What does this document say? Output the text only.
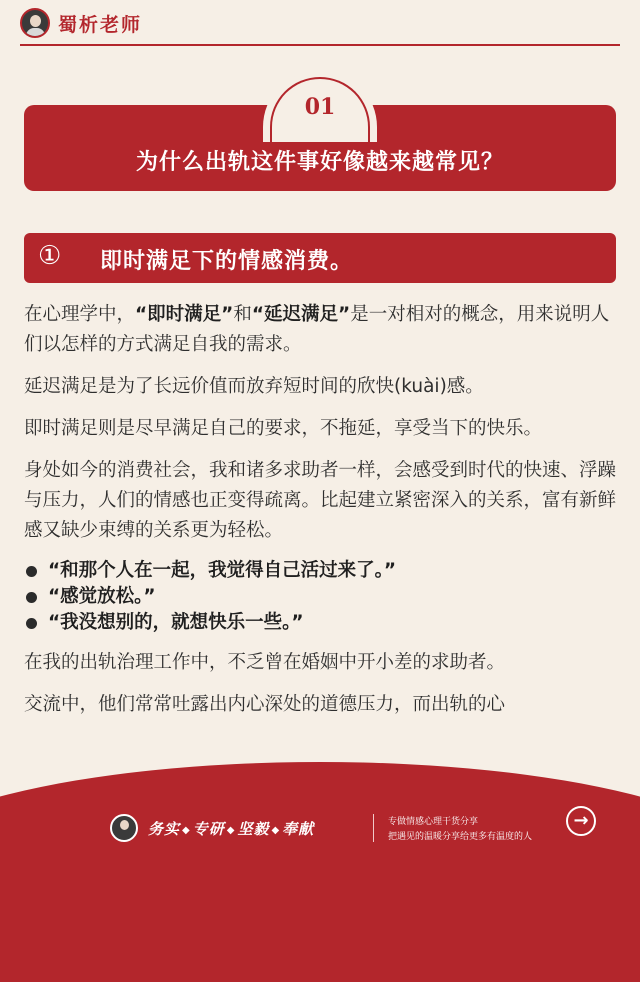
蜀析老师
为什么出轨这件事好像越来越常见？
01
① 即时满足下的情感消费。

在心理学中，“即时满足”和“延迟满足”是一对相对的概念，用来说明人们以怎样的方式满足自我的需求。

延迟满足是为了长远价值而放弃短时间的欣快(kuài)感。

即时满足则是尽早满足自己的要求，不拖延，享受当下的快乐。

身处如今的消费社会，我和诸多求助者一样，会感受到时代的快速、浮躁与压力，人们的情感也正变得疏离。比起建立紧密深入的关系，富有新鲜感又缺少束缚的关系更为轻松。

“和那个人在一起，我觉得自己活过来了。”
“感觉放松。”
“我没想别的，就想快乐一些。”

在我的出轨治理工作中，不乏曾在婚姻中开小差的求助者。

交流中，他们常常吐露出内心深处的道德压力，而出轨的心

务实 ◆ 专研 ◆ 坚毅 ◆ 奉献	专做情感心理干货分享
把遇见的温暖分享给更多有温度的人
→
